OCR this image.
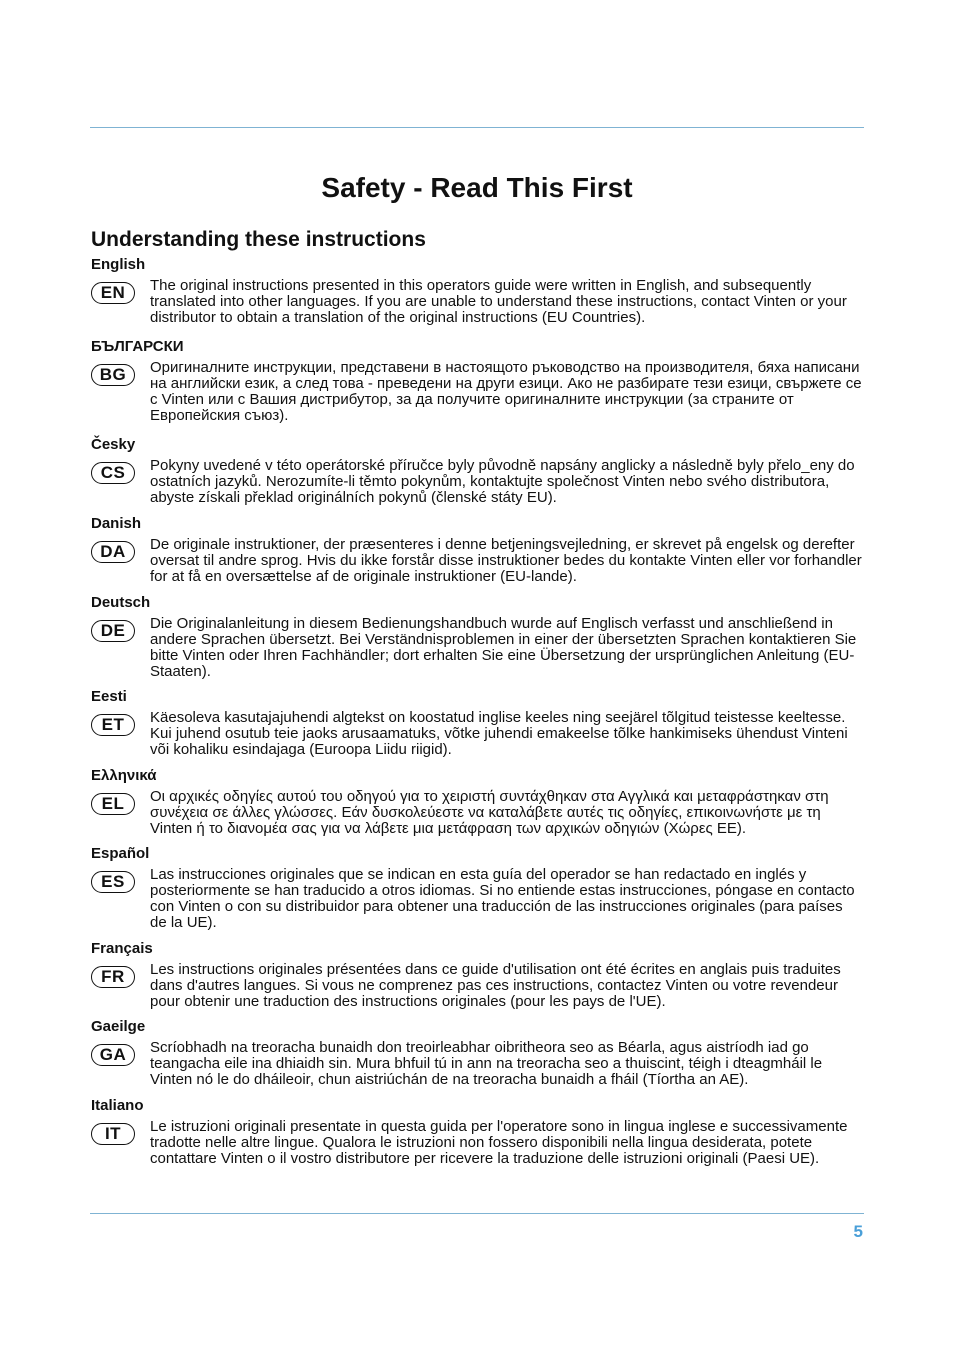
Safety - Read This First
Understanding these instructions
English
EN	The original instructions presented in this operators guide were written in English, and subsequently translated into other languages. If you are unable to understand these instructions, contact Vinten or your distributor to obtain a translation of the original instructions (EU Countries).

БЪЛГАРСКИ
BG	Оригиналните инструкции, представени в настоящото ръководство на производителя, бяха написани на английски език, а след това - преведени на други езици. Ако не разбирате тези езици, свържете се с Vinten или с Вашия дистрибутор, за да получите оригиналните инструкции (за страните от Европейския съюз).

Česky
CS	Pokyny uvedené v této operátorské příručce byly původně napsány anglicky a následně byly přelo_eny do ostatních jazyků. Nerozumíte-li těmto pokynům, kontaktujte společnost Vinten nebo svého distributora, abyste získali překlad originálních pokynů (členské státy EU).

Danish
DA	De originale instruktioner, der præsenteres i denne betjeningsvejledning, er skrevet på engelsk og derefter oversat til andre sprog. Hvis du ikke forstår disse instruktioner bedes du kontakte Vinten eller vor forhandler for at få en oversættelse af de originale instruktioner (EU-lande).

Deutsch
DE	Die Originalanleitung in diesem Bedienungshandbuch wurde auf Englisch verfasst und anschließend in andere Sprachen übersetzt. Bei Verständnisproblemen in einer der übersetzten Sprachen kontaktieren Sie bitte Vinten oder Ihren Fachhändler; dort erhalten Sie eine Übersetzung der ursprünglichen Anleitung (EU-Staaten).

Eesti
ET	Käesoleva kasutajajuhendi algtekst on koostatud inglise keeles ning seejärel tõlgitud teistesse keeltesse. Kui juhend osutub teie jaoks arusaamatuks, võtke juhendi emakeelse tõlke hankimiseks ühendust Vinteni või kohaliku esindajaga (Euroopa Liidu riigid).

Ελληνικά
EL	Οι αρχικές οδηγίες αυτού του οδηγού για το χειριστή συντάχθηκαν στα Αγγλικά και μεταφράστηκαν στη συνέχεια σε άλλες γλώσσες. Εάν δυσκολεύεστε να καταλάβετε αυτές τις οδηγίες, επικοινωνήστε με τη Vinten ή το διανομέα σας για να λάβετε μια μετάφραση των αρχικών οδηγιών (Χώρες ΕΕ).

Español
ES	Las instrucciones originales que se indican en esta guía del operador se han redactado en inglés y posteriormente se han traducido a otros idiomas. Si no entiende estas instrucciones, póngase en contacto con Vinten o con su distribuidor para obtener una traducción de las instrucciones originales (para países de la UE).

Français
FR	Les instructions originales présentées dans ce guide d'utilisation ont été écrites en anglais puis traduites dans d'autres langues. Si vous ne comprenez pas ces instructions, contactez Vinten ou votre revendeur pour obtenir une traduction des instructions originales (pour les pays de l'UE).

Gaeilge
GA	Scríobhadh na treoracha bunaidh don treoirleabhar oibritheora seo as Béarla, agus aistríodh iad go teangacha eile ina dhiaidh sin. Mura bhfuil tú in ann na treoracha seo a thuiscint, téigh i dteagmháil le Vinten nó le do dháileoir, chun aistriúchán de na treoracha bunaidh a fháil (Tíortha an AE).

Italiano
IT	Le istruzioni originali presentate in questa guida per l'operatore sono in lingua inglese e successivamente tradotte nelle altre lingue. Qualora le istruzioni non fossero disponibili nella lingua desiderata, potete contattare Vinten o il vostro distributore per ricevere la traduzione delle istruzioni originali (Paesi UE).

5
